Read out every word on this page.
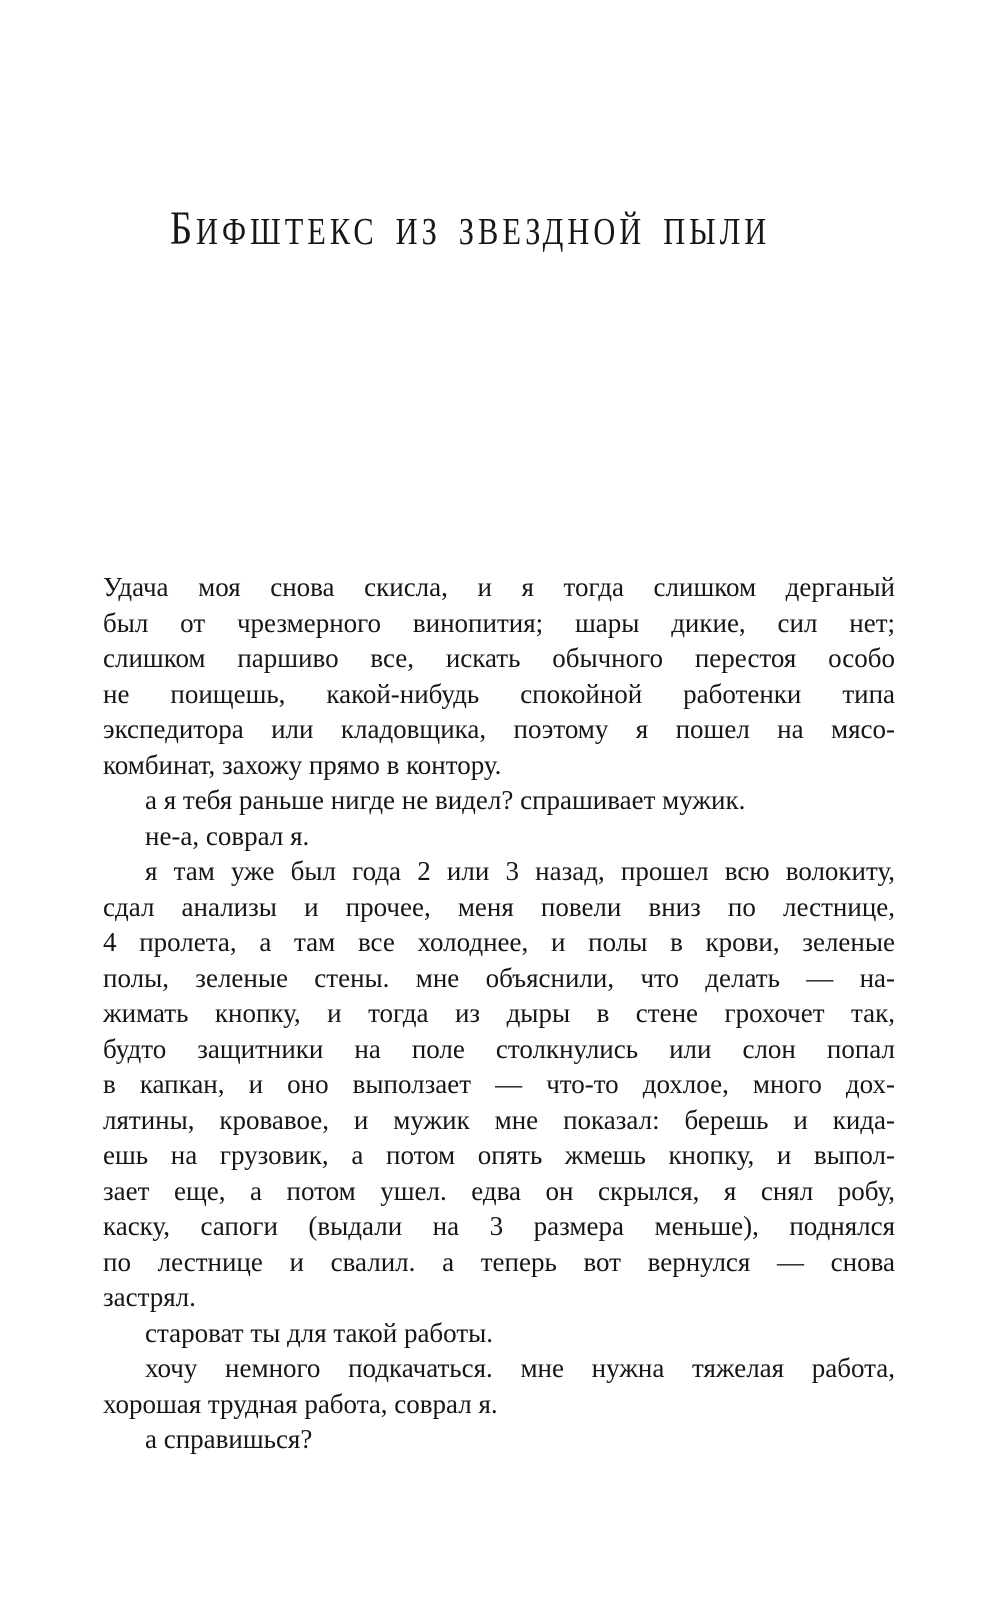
БИФШТЕКС ИЗ ЗВЕЗДНОЙ ПЫЛИ
Удача моя снова скисла, и я тогда слишком дерганый
был от чрезмерного винопития; шары дикие, сил нет;
слишком паршиво все, искать обычного перестоя особо
не поищешь, какой-нибудь спокойной работенки типа
экспедитора или кладовщика, поэтому я пошел на мясо-
комбинат, захожу прямо в контору.
а я тебя раньше нигде не видел? спрашивает мужик.
не-а, соврал я.
я там уже был года 2 или 3 назад, прошел всю волокиту,
сдал анализы и прочее, меня повели вниз по лестнице,
4 пролета, а там все холоднее, и полы в крови, зеленые
полы, зеленые стены. мне объяснили, что делать — на-
жимать кнопку, и тогда из дыры в стене грохочет так,
будто защитники на поле столкнулись или слон попал
в капкан, и оно выползает — что-то дохлое, много дох-
лятины, кровавое, и мужик мне показал: берешь и кида-
ешь на грузовик, а потом опять жмешь кнопку, и выпол-
зает еще, а потом ушел. едва он скрылся, я снял робу,
каску, сапоги (выдали на 3 размера меньше), поднялся
по лестнице и свалил. а теперь вот вернулся — снова
застрял.
староват ты для такой работы.
хочу немного подкачаться. мне нужна тяжелая работа,
хорошая трудная работа, соврал я.
а справишься?
